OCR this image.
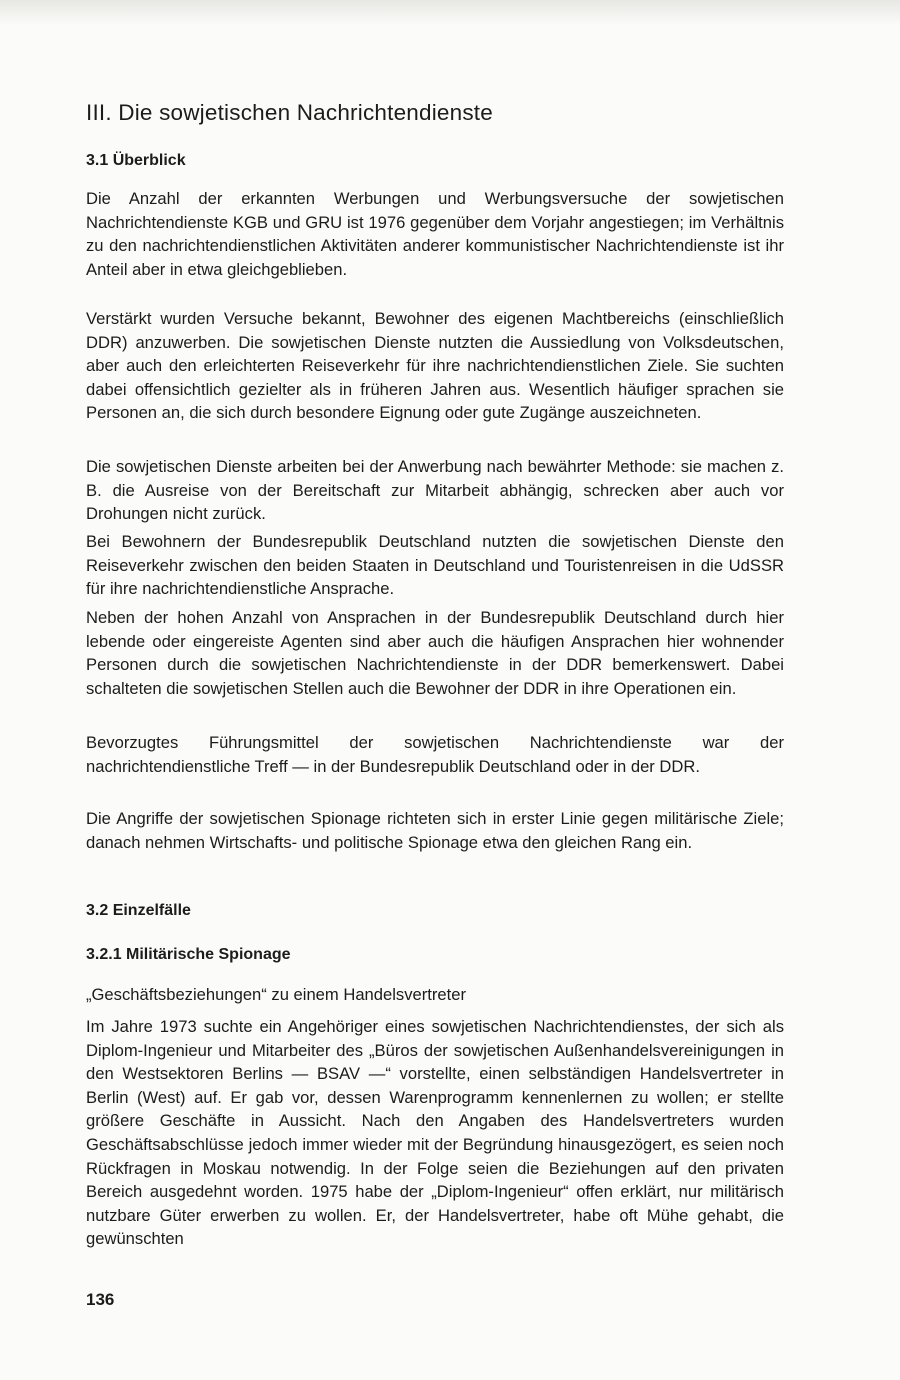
III. Die sowjetischen Nachrichtendienste
3.1 Überblick

Die Anzahl der erkannten Werbungen und Werbungsversuche der sowjetischen Nachrichtendienste KGB und GRU ist 1976 gegenüber dem Vorjahr angestiegen; im Verhältnis zu den nachrichtendienstlichen Aktivitäten anderer kommunistischer Nachrichtendienste ist ihr Anteil aber in etwa gleichgeblieben.

Verstärkt wurden Versuche bekannt, Bewohner des eigenen Machtbereichs (einschließlich DDR) anzuwerben. Die sowjetischen Dienste nutzten die Aussiedlung von Volksdeutschen, aber auch den erleichterten Reiseverkehr für ihre nachrichtendienstlichen Ziele. Sie suchten dabei offensichtlich gezielter als in früheren Jahren aus. Wesentlich häufiger sprachen sie Personen an, die sich durch besondere Eignung oder gute Zugänge auszeichneten.

Die sowjetischen Dienste arbeiten bei der Anwerbung nach bewährter Methode: sie machen z. B. die Ausreise von der Bereitschaft zur Mitarbeit abhängig, schrecken aber auch vor Drohungen nicht zurück.

Bei Bewohnern der Bundesrepublik Deutschland nutzten die sowjetischen Dienste den Reiseverkehr zwischen den beiden Staaten in Deutschland und Touristenreisen in die UdSSR für ihre nachrichtendienstliche Ansprache.

Neben der hohen Anzahl von Ansprachen in der Bundesrepublik Deutschland durch hier lebende oder eingereiste Agenten sind aber auch die häufigen Ansprachen hier wohnender Personen durch die sowjetischen Nachrichtendienste in der DDR bemerkenswert. Dabei schalteten die sowjetischen Stellen auch die Bewohner der DDR in ihre Operationen ein.

Bevorzugtes Führungsmittel der sowjetischen Nachrichtendienste war der nachrichtendienstliche Treff — in der Bundesrepublik Deutschland oder in der DDR.

Die Angriffe der sowjetischen Spionage richteten sich in erster Linie gegen militärische Ziele; danach nehmen Wirtschafts- und politische Spionage etwa den gleichen Rang ein.

3.2 Einzelfälle
3.2.1 Militärische Spionage

„Geschäftsbeziehungen“ zu einem Handelsvertreter

Im Jahre 1973 suchte ein Angehöriger eines sowjetischen Nachrichtendienstes, der sich als Diplom-Ingenieur und Mitarbeiter des „Büros der sowjetischen Außenhandelsvereinigungen in den Westsektoren Berlins — BSAV —“ vorstellte, einen selbständigen Handelsvertreter in Berlin (West) auf. Er gab vor, dessen Warenprogramm kennenlernen zu wollen; er stellte größere Geschäfte in Aussicht. Nach den Angaben des Handelsvertreters wurden Geschäftsabschlüsse jedoch immer wieder mit der Begründung hinausgezögert, es seien noch Rückfragen in Moskau notwendig. In der Folge seien die Beziehungen auf den privaten Bereich ausgedehnt worden. 1975 habe der „Diplom-Ingenieur“ offen erklärt, nur militärisch nutzbare Güter erwerben zu wollen. Er, der Handelsvertreter, habe oft Mühe gehabt, die gewünschten

136
